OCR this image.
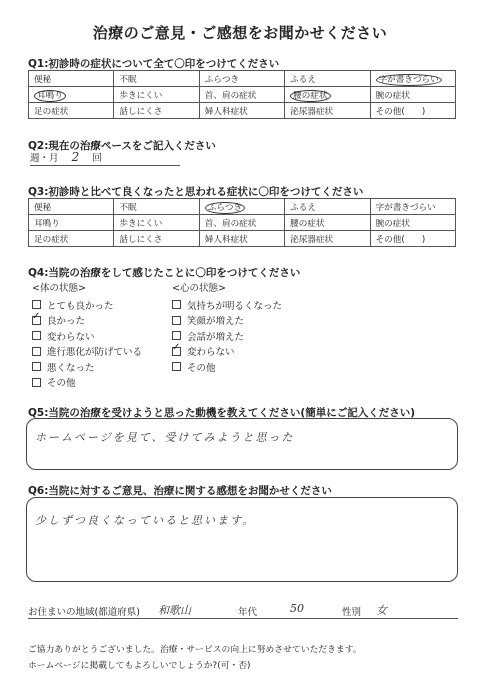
治療のご意見・ご感想をお聞かせください
Q1:初診時の症状について全て〇印をつけてください
便秘	不眠	ふらつき	ふるえ	字が書きづらい
耳鳴り	歩きにくい	首、肩の症状	腰の症状	腕の症状
足の症状	話しにくさ	婦人科症状	泌尿器症状	その他(　　)
Q2:現在の治療ペースをご記入ください
週・月 2 回
Q3:初診時と比べて良くなったと思われる症状に〇印をつけてください
便秘	不眠	ふらつき	ふるえ	字が書きづらい
耳鳴り	歩きにくい	首、肩の症状	腰の症状	腕の症状
足の症状	話しにくさ	婦人科症状	泌尿器症状	その他(　　)
Q4:当院の治療をして感じたことに〇印をつけてください
<体の状態>
とても良かった
✓
良かった
変わらない
進行悪化が防げている
悪くなった
その他
<心の状態>
気持ちが明るくなった
笑顔が増えた
会話が増えた
✓
変わらない
その他
Q5:当院の治療を受けようと思った動機を教えてください(簡単にご記入ください)
ホームページを見て、受けてみようと思った
Q6:当院に対するご意見、治療に関する感想をお聞かせください
少しずつ良くなっていると思います。
お住まいの地域(都道府県) 和歌山	年代	50	性別 女
ご協力ありがとうございました。治療・サービスの向上に努めさせていただきます。
ホームページに掲載してもよろしいでしょうか?(可・否)
